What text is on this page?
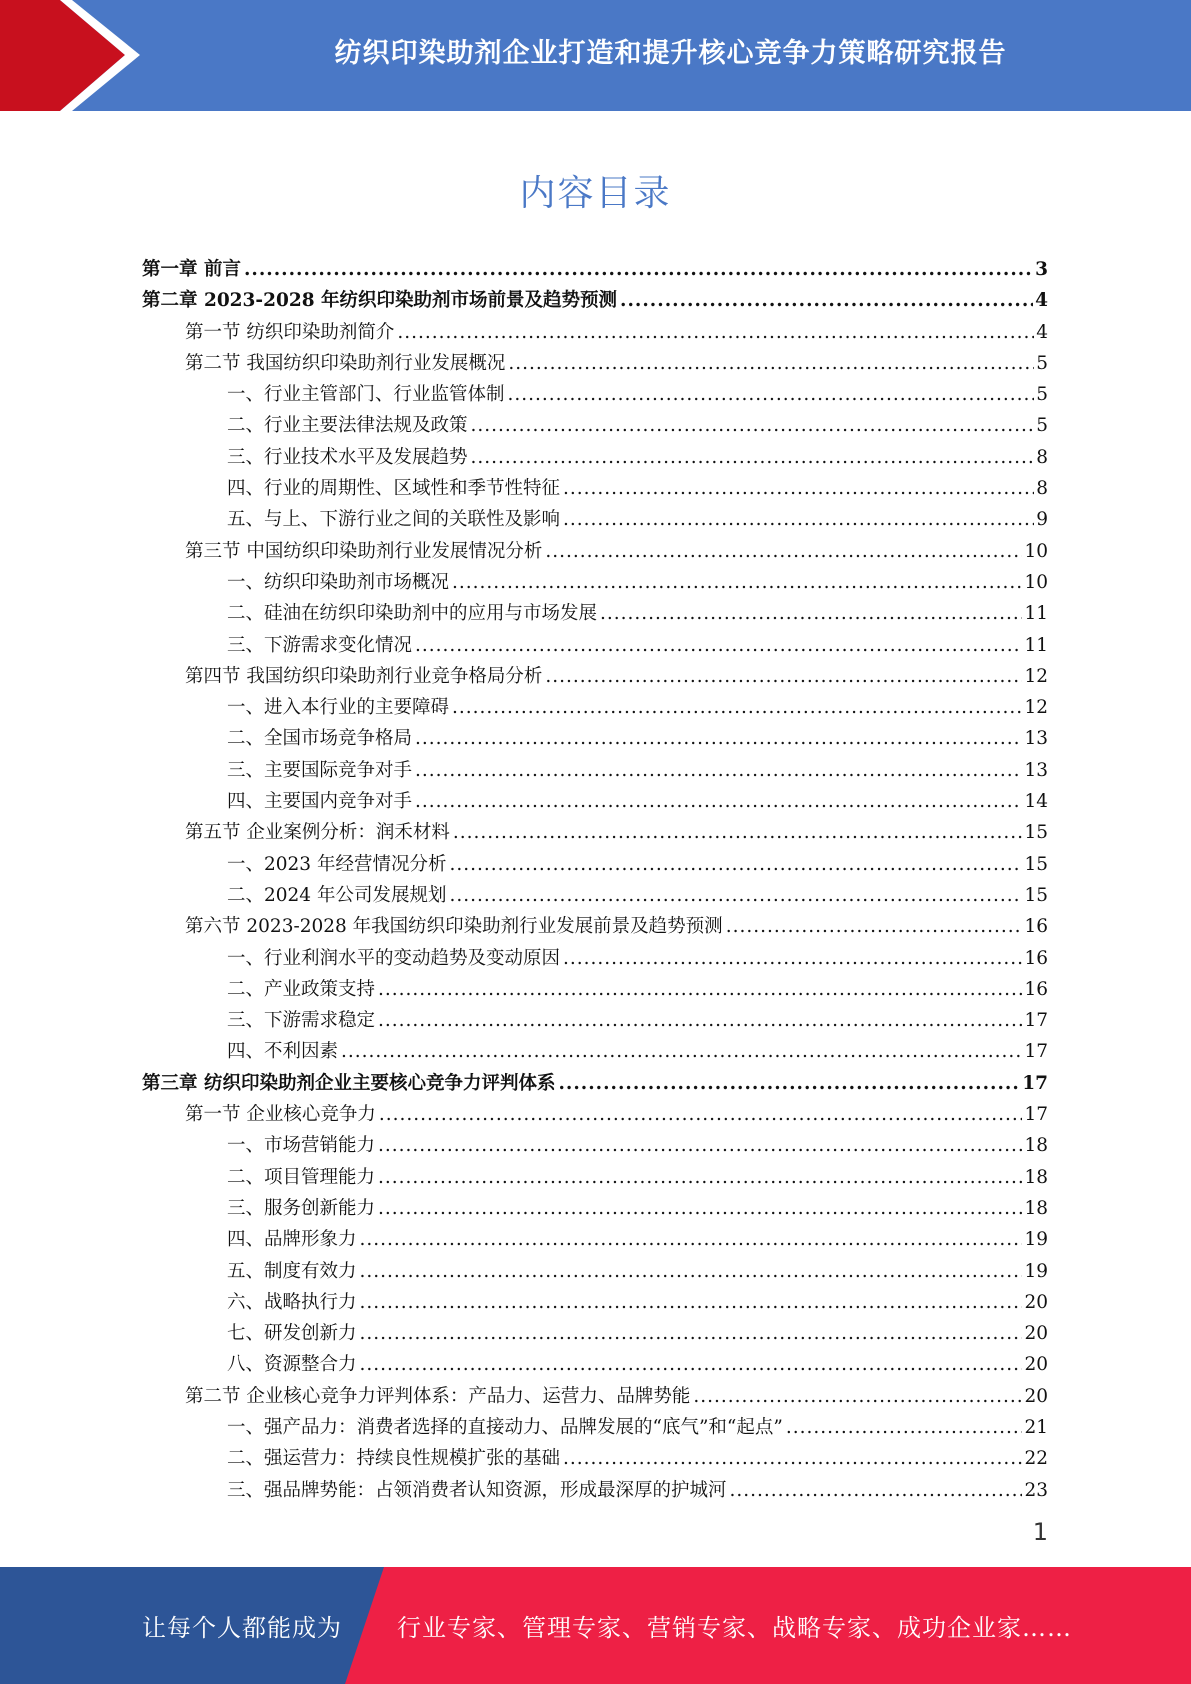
纺织印染助剂企业打造和提升核心竞争力策略研究报告
内容目录
第一章 前言 .....	3
第二章 2023-2028 年纺织印染助剂市场前景及趋势预测 .....	4
第一节 纺织印染助剂简介 .....	4
第二节 我国纺织印染助剂行业发展概况 .....	5
一、行业主管部门、行业监管体制 .....	5
二、行业主要法律法规及政策 .....	5
三、行业技术水平及发展趋势 .....	8
四、行业的周期性、区域性和季节性特征 .....	8
五、与上、下游行业之间的关联性及影响 .....	9
第三节 中国纺织印染助剂行业发展情况分析 .....	10
一、纺织印染助剂市场概况 .....	10
二、硅油在纺织印染助剂中的应用与市场发展 .....	11
三、下游需求变化情况 .....	11
第四节 我国纺织印染助剂行业竞争格局分析 .....	12
一、进入本行业的主要障碍 .....	12
二、全国市场竞争格局 .....	13
三、主要国际竞争对手 .....	13
四、主要国内竞争对手 .....	14
第五节 企业案例分析：润禾材料 .....	15
一、2023 年经营情况分析 .....	15
二、2024 年公司发展规划 .....	15
第六节 2023-2028 年我国纺织印染助剂行业发展前景及趋势预测 .....	16
一、行业利润水平的变动趋势及变动原因 .....	16
二、产业政策支持 .....	16
三、下游需求稳定 .....	17
四、不利因素 .....	17
第三章 纺织印染助剂企业主要核心竞争力评判体系 .....	17
第一节 企业核心竞争力 .....	17
一、市场营销能力 .....	18
二、项目管理能力 .....	18
三、服务创新能力 .....	18
四、品牌形象力 .....	19
五、制度有效力 .....	19
六、战略执行力 .....	20
七、研发创新力 .....	20
八、资源整合力 .....	20
第二节 企业核心竞争力评判体系：产品力、运营力、品牌势能 .....	20
一、强产品力：消费者选择的直接动力、品牌发展的“底气”和“起点” .....	21
二、强运营力：持续良性规模扩张的基础 .....	22
三、强品牌势能：占领消费者认知资源，形成最深厚的护城河 .....	23
1
让每个人都能成为 行业专家、管理专家、营销专家、战略专家、成功企业家……
